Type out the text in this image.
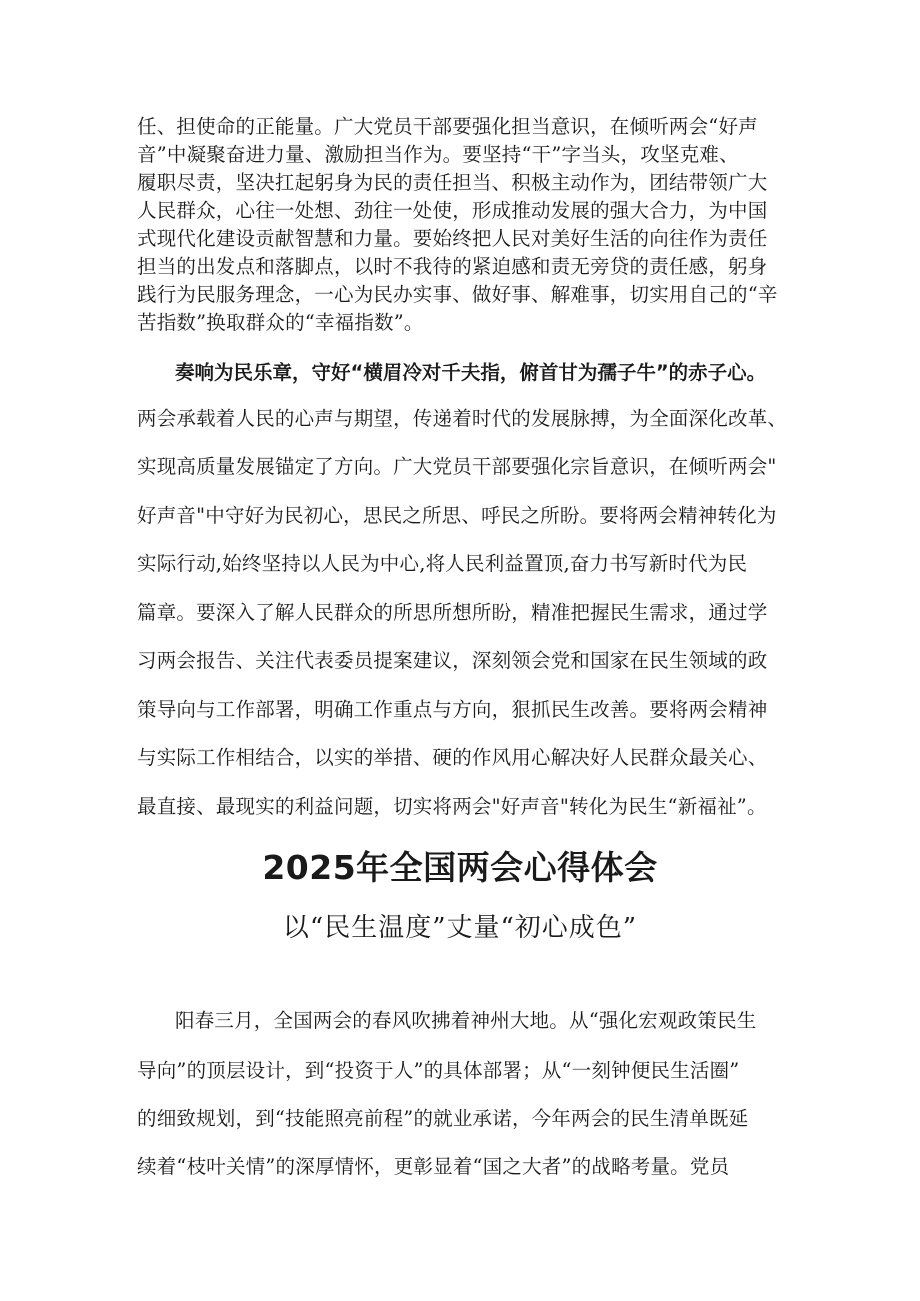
任、担使命的正能量。广大党员干部要强化担当意识，在倾听两会“好声
音”中凝聚奋进力量、激励担当作为。要坚持“干”字当头，攻坚克难、
履职尽责，坚决扛起躬身为民的责任担当、积极主动作为，团结带领广大
人民群众，心往一处想、劲往一处使，形成推动发展的强大合力，为中国
式现代化建设贡献智慧和力量。要始终把人民对美好生活的向往作为责任
担当的出发点和落脚点，以时不我待的紧迫感和责无旁贷的责任感，躬身
践行为民服务理念，一心为民办实事、做好事、解难事，切实用自己的“辛
苦指数”换取群众的“幸福指数”。
奏响为民乐章，守好“横眉冷对千夫指，俯首甘为孺子牛”的赤子心。
两会承载着人民的心声与期望，传递着时代的发展脉搏，为全面深化改革、
实现高质量发展锚定了方向。广大党员干部要强化宗旨意识，在倾听两会"
好声音"中守好为民初心，思民之所思、呼民之所盼。要将两会精神转化为
实际行动,始终坚持以人民为中心,将人民利益置顶,奋力书写新时代为民
篇章。要深入了解人民群众的所思所想所盼，精准把握民生需求，通过学
习两会报告、关注代表委员提案建议，深刻领会党和国家在民生领域的政
策导向与工作部署，明确工作重点与方向，狠抓民生改善。要将两会精神
与实际工作相结合，以实的举措、硬的作风用心解决好人民群众最关心、
最直接、最现实的利益问题，切实将两会"好声音"转化为民生“新福祉”。
2025年全国两会心得体会
以“民生温度”丈量“初心成色”
阳春三月，全国两会的春风吹拂着神州大地。从“强化宏观政策民生
导向”的顶层设计，到“投资于人”的具体部署；从“一刻钟便民生活圈”
的细致规划，到“技能照亮前程”的就业承诺，今年两会的民生清单既延
续着“枝叶关情”的深厚情怀，更彰显着“国之大者”的战略考量。党员
